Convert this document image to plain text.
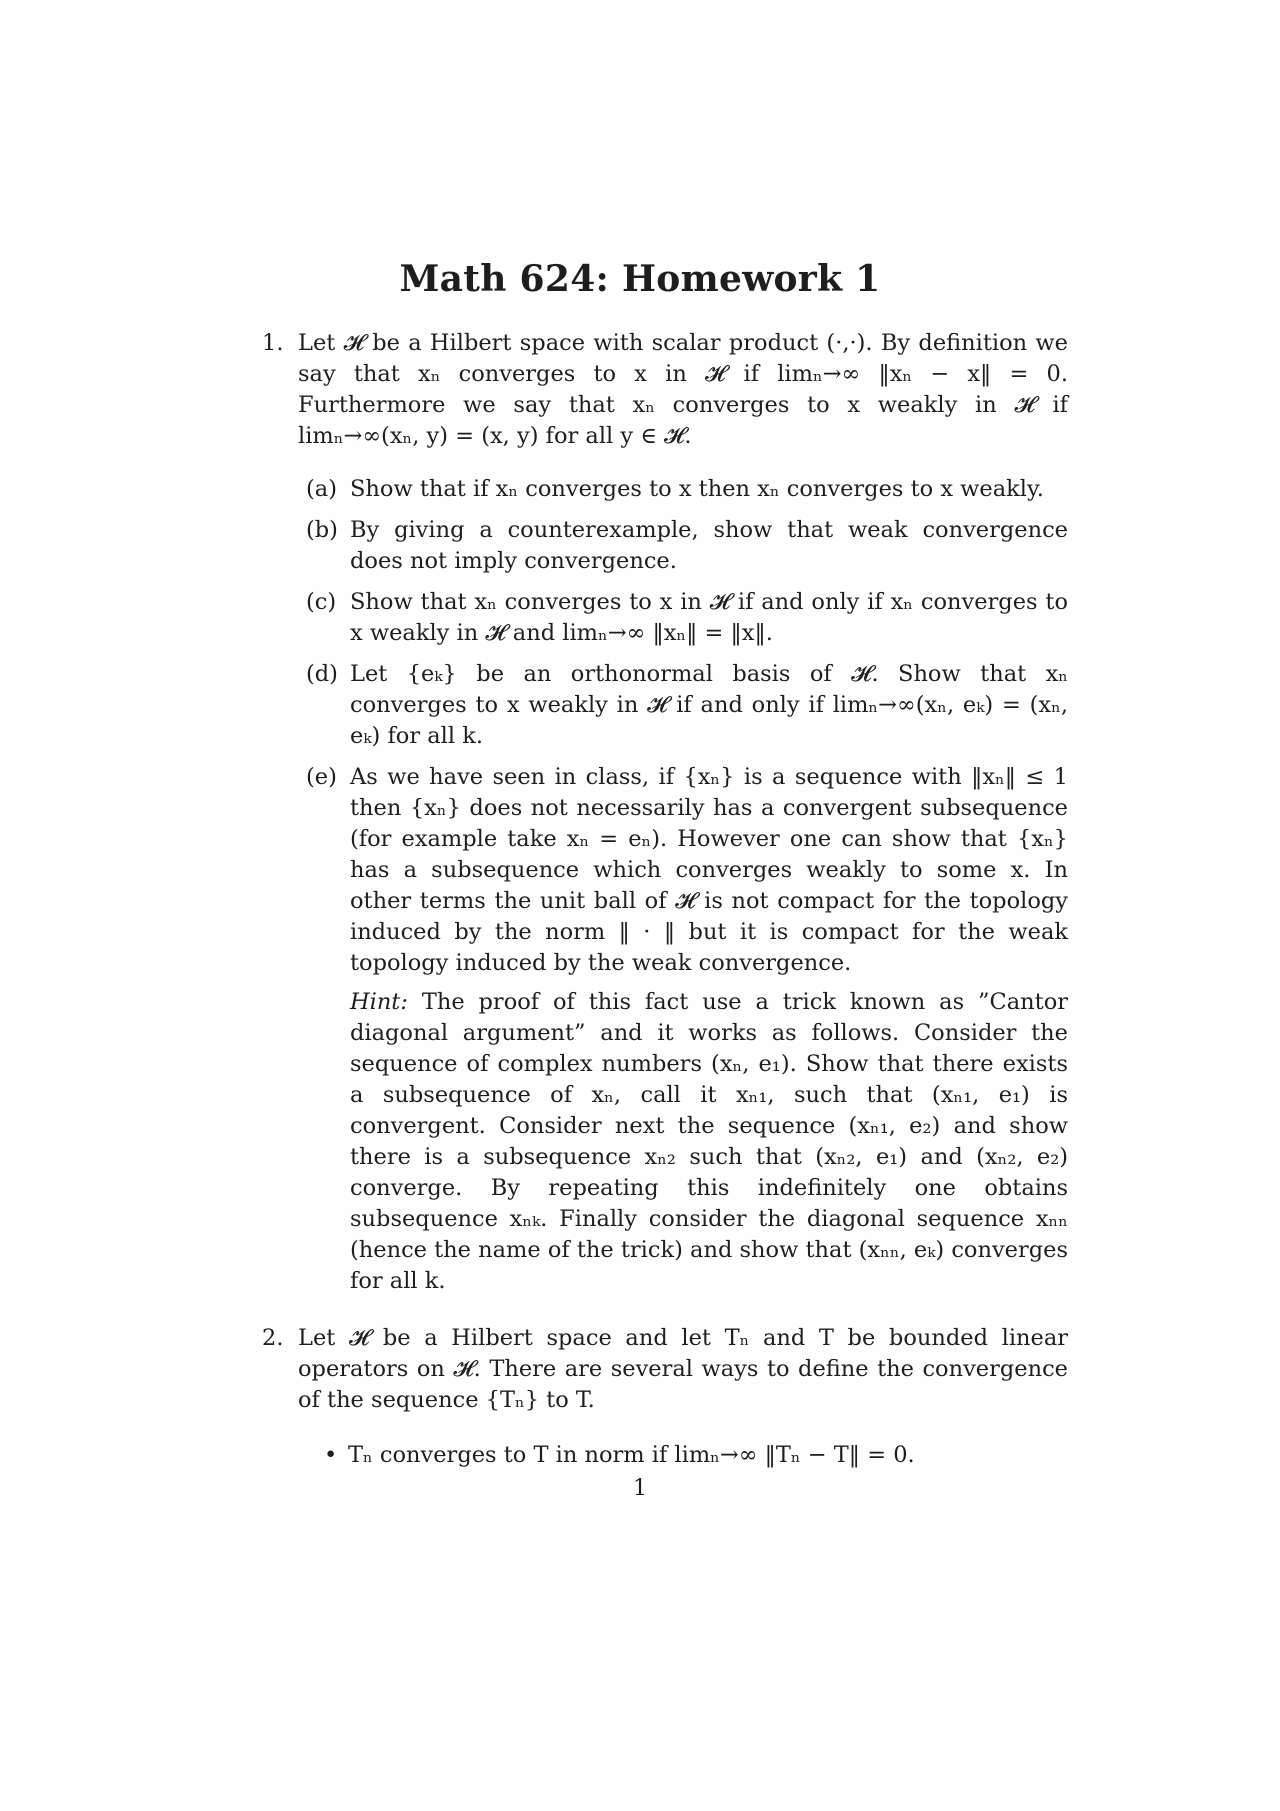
Math 624: Homework 1
1. Let 𝓗 be a Hilbert space with scalar product (·,·). By definition we say that xₙ converges to x in 𝓗 if limₙ→∞ ‖xₙ − x‖ = 0. Furthermore we say that xₙ converges to x weakly in 𝓗 if limₙ→∞(xₙ, y) = (x, y) for all y ∈ 𝓗.
(a) Show that if xₙ converges to x then xₙ converges to x weakly.
(b) By giving a counterexample, show that weak convergence does not imply convergence.
(c) Show that xₙ converges to x in 𝓗 if and only if xₙ converges to x weakly in 𝓗 and limₙ→∞ ‖xₙ‖ = ‖x‖.
(d) Let {eₖ} be an orthonormal basis of 𝓗. Show that xₙ converges to x weakly in 𝓗 if and only if limₙ→∞(xₙ, eₖ) = (xₙ, eₖ) for all k.
(e) As we have seen in class, if {xₙ} is a sequence with ‖xₙ‖ ≤ 1 then {xₙ} does not necessarily has a convergent subsequence (for example take xₙ = eₙ). However one can show that {xₙ} has a subsequence which converges weakly to some x. In other terms the unit ball of 𝓗 is not compact for the topology induced by the norm ‖ · ‖ but it is compact for the weak topology induced by the weak convergence.
Hint: The proof of this fact use a trick known as ”Cantor diagonal argument” and it works as follows. Consider the sequence of complex numbers (xₙ, e₁). Show that there exists a subsequence of xₙ, call it xₙ₁, such that (xₙ₁, e₁) is convergent. Consider next the sequence (xₙ₁, e₂) and show there is a subsequence xₙ₂ such that (xₙ₂, e₁) and (xₙ₂, e₂) converge. By repeating this indefinitely one obtains subsequence xₙₖ. Finally consider the diagonal sequence xₙₙ (hence the name of the trick) and show that (xₙₙ, eₖ) converges for all k.
2. Let 𝓗 be a Hilbert space and let Tₙ and T be bounded linear operators on 𝓗. There are several ways to define the convergence of the sequence {Tₙ} to T.
• Tₙ converges to T in norm if limₙ→∞ ‖Tₙ − T‖ = 0.
1
